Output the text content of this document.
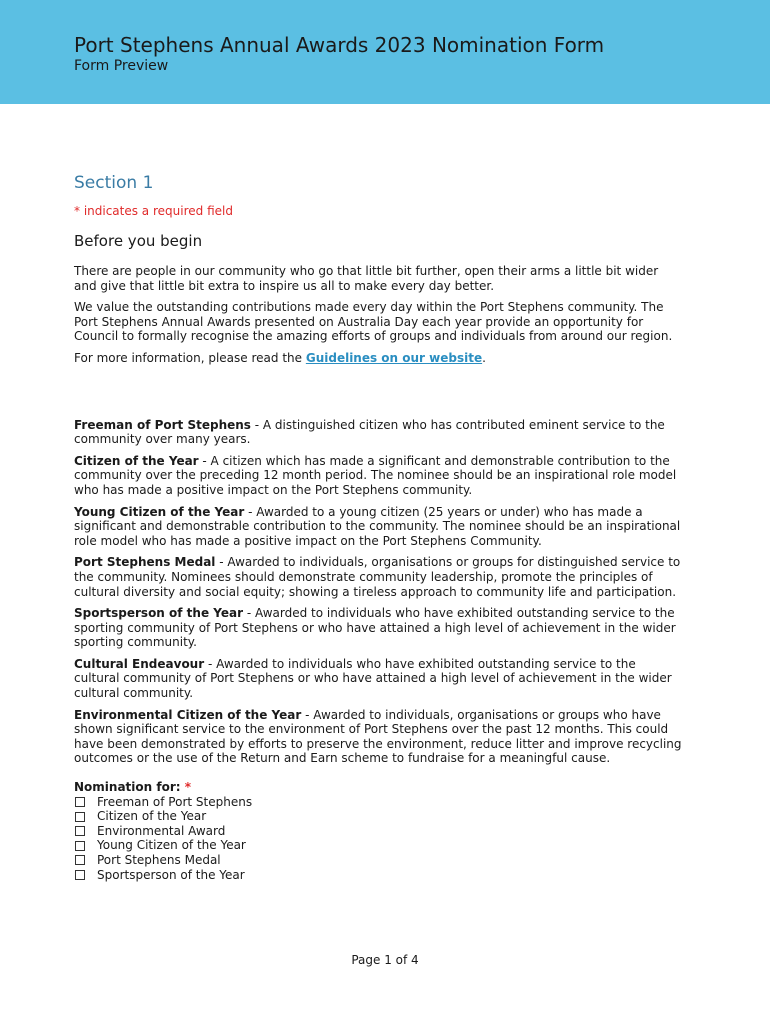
Port Stephens Annual Awards 2023 Nomination Form
Form Preview
Section 1
* indicates a required field
Before you begin

There are people in our community who go that little bit further, open their arms a little bit wider and give that little bit extra to inspire us all to make every day better.

We value the outstanding contributions made every day within the Port Stephens community. The Port Stephens Annual Awards presented on Australia Day each year provide an opportunity for Council to formally recognise the amazing efforts of groups and individuals from around our region.

For more information, please read the Guidelines on our website.

Freeman of Port Stephens - A distinguished citizen who has contributed eminent service to the community over many years.

Citizen of the Year - A citizen which has made a significant and demonstrable contribution to the community over the preceding 12 month period. The nominee should be an inspirational role model who has made a positive impact on the Port Stephens community.

Young Citizen of the Year - Awarded to a young citizen (25 years or under) who has made a significant and demonstrable contribution to the community. The nominee should be an inspirational role model who has made a positive impact on the Port Stephens Community.

Port Stephens Medal - Awarded to individuals, organisations or groups for distinguished service to the community. Nominees should demonstrate community leadership, promote the principles of cultural diversity and social equity; showing a tireless approach to community life and participation.

Sportsperson of the Year - Awarded to individuals who have exhibited outstanding service to the sporting community of Port Stephens or who have attained a high level of achievement in the wider sporting community.

Cultural Endeavour - Awarded to individuals who have exhibited outstanding service to the cultural community of Port Stephens or who have attained a high level of achievement in the wider cultural community.

Environmental Citizen of the Year - Awarded to individuals, organisations or groups who have shown significant service to the environment of Port Stephens over the past 12 months. This could have been demonstrated by efforts to preserve the environment, reduce litter and improve recycling outcomes or the use of the Return and Earn scheme to fundraise for a meaningful cause.

Nomination for: *
Freeman of Port Stephens
Citizen of the Year
Environmental Award
Young Citizen of the Year
Port Stephens Medal
Sportsperson of the Year
Page 1 of 4
